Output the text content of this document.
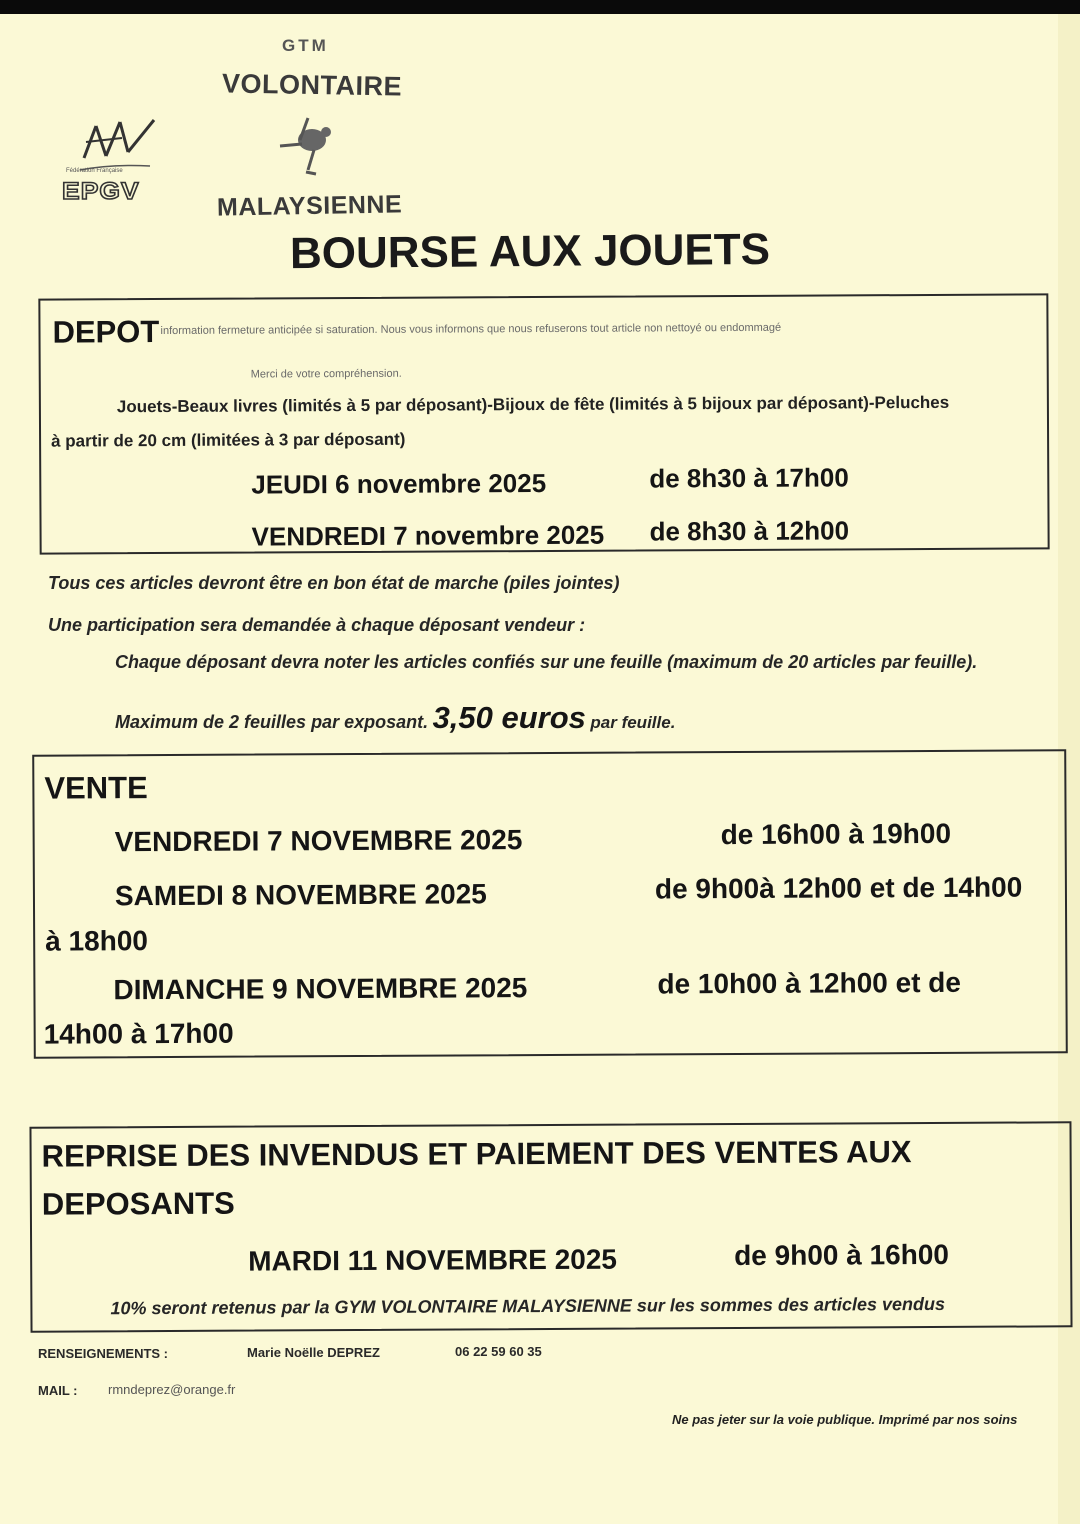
Fédération Française
EPGV
GTM
VOLONTAIRE
MALAYSIENNE
BOURSE AUX JOUETS
DEPOT information fermeture anticipée si saturation. Nous vous informons que nous refuserons tout article non nettoyé ou endommagé
Merci de votre compréhension.
Jouets-Beaux livres (limités à 5 par déposant)-Bijoux de fête (limités à 5 bijoux par déposant)-Peluches
à partir de 20 cm (limitées à 3 par déposant)
JEUDI 6 novembre 2025	de 8h30 à 17h00
VENDREDI 7 novembre 2025 de 8h30 à 12h00
Tous ces articles devront être en bon état de marche (piles jointes)
Une participation sera demandée à chaque déposant vendeur :
Chaque déposant devra noter les articles confiés sur une feuille (maximum de 20 articles par feuille).
Maximum de 2 feuilles par exposant. 3,50 euros par feuille.
VENTE
VENDREDI 7 NOVEMBRE 2025	de 16h00 à 19h00
SAMEDI 8 NOVEMBRE 2025	de 9h00à 12h00 et de 14h00
à 18h00
DIMANCHE 9 NOVEMBRE 2025	de 10h00 à 12h00 et de
14h00 à 17h00
REPRISE DES INVENDUS ET PAIEMENT DES VENTES AUX
DEPOSANTS
MARDI 11 NOVEMBRE 2025	de 9h00 à 16h00
10% seront retenus par la GYM VOLONTAIRE MALAYSIENNE sur les sommes des articles vendus
RENSEIGNEMENTS :	Marie Noëlle DEPREZ	06 22 59 60 35
MAIL : rmndeprez@orange.fr
Ne pas jeter sur la voie publique. Imprimé par nos soins
